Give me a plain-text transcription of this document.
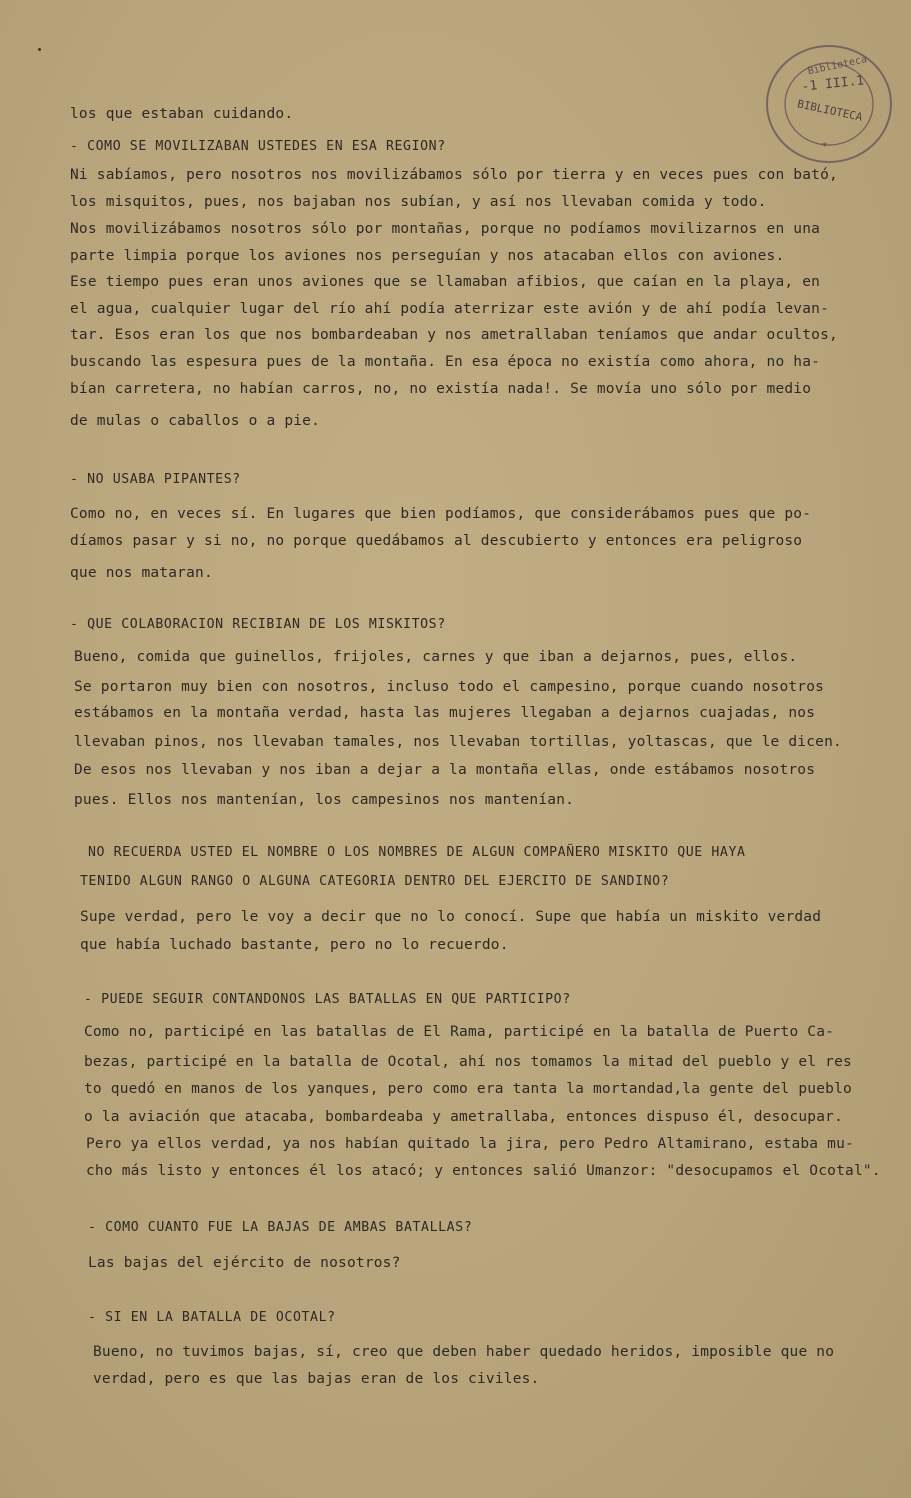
Biblioteca
-1 III.1
BIBLIOTECA
*
los que estaban cuidando.
- COMO SE MOVILIZABAN USTEDES EN ESA REGION?
Ni sabíamos, pero nosotros nos movilizábamos sólo por tierra y en veces pues con bató,
los misquitos, pues, nos bajaban nos subían, y así nos llevaban comida y todo.
Nos movilizábamos nosotros sólo por montañas, porque no podíamos movilizarnos en una
parte limpia porque los aviones nos perseguían y nos atacaban ellos con aviones.
Ese tiempo pues eran unos aviones que se llamaban afibios, que caían en la playa, en
el agua, cualquier lugar del río ahí podía aterrizar este avión y de ahí podía levan-
tar. Esos eran los que nos bombardeaban y nos ametrallaban teníamos que andar ocultos,
buscando las espesura pues de la montaña. En esa época no existía como ahora, no ha-
bían carretera, no habían carros, no, no existía nada!. Se movía uno sólo por medio
de mulas o caballos o a pie.
- NO USABA PIPANTES?
Como no, en veces sí. En lugares que bien podíamos, que considerábamos pues que po-
díamos pasar y si no, no porque quedábamos al descubierto y entonces era peligroso
que nos mataran.
- QUE COLABORACION RECIBIAN DE LOS MISKITOS?
Bueno, comida que guinellos, frijoles, carnes y que iban a dejarnos, pues, ellos.
Se portaron muy bien con nosotros, incluso todo el campesino, porque cuando nosotros
estábamos en la montaña verdad, hasta las mujeres llegaban a dejarnos cuajadas, nos
llevaban pinos, nos llevaban tamales, nos llevaban tortillas, yoltascas, que le dicen.
De esos nos llevaban y nos iban a dejar a la montaña ellas, onde estábamos nosotros
pues. Ellos nos mantenían, los campesinos nos mantenían.
NO RECUERDA USTED EL NOMBRE O LOS NOMBRES DE ALGUN COMPAÑERO MISKITO QUE HAYA
TENIDO ALGUN RANGO O ALGUNA CATEGORIA DENTRO DEL EJERCITO DE SANDINO?
Supe verdad, pero le voy a decir que no lo conocí. Supe que había un miskito verdad
que había luchado bastante, pero no lo recuerdo.
- PUEDE SEGUIR CONTANDONOS LAS BATALLAS EN QUE PARTICIPO?
Como no, participé en las batallas de El Rama, participé en la batalla de Puerto Ca-
bezas, participé en la batalla de Ocotal, ahí nos tomamos la mitad del pueblo y el res
to quedó en manos de los yanques, pero como era tanta la mortandad,la gente del pueblo
o la aviación que atacaba, bombardeaba y ametrallaba, entonces dispuso él, desocupar.
Pero ya ellos verdad, ya nos habían quitado la jira, pero Pedro Altamirano, estaba mu-
cho más listo y entonces él los atacó; y entonces salió Umanzor: "desocupamos el Ocotal".
- COMO CUANTO FUE LA BAJAS DE AMBAS BATALLAS?
Las bajas del ejército de nosotros?
- SI EN LA BATALLA DE OCOTAL?
Bueno, no tuvimos bajas, sí, creo que deben haber quedado heridos, imposible que no
verdad, pero es que las bajas eran de los civiles.
